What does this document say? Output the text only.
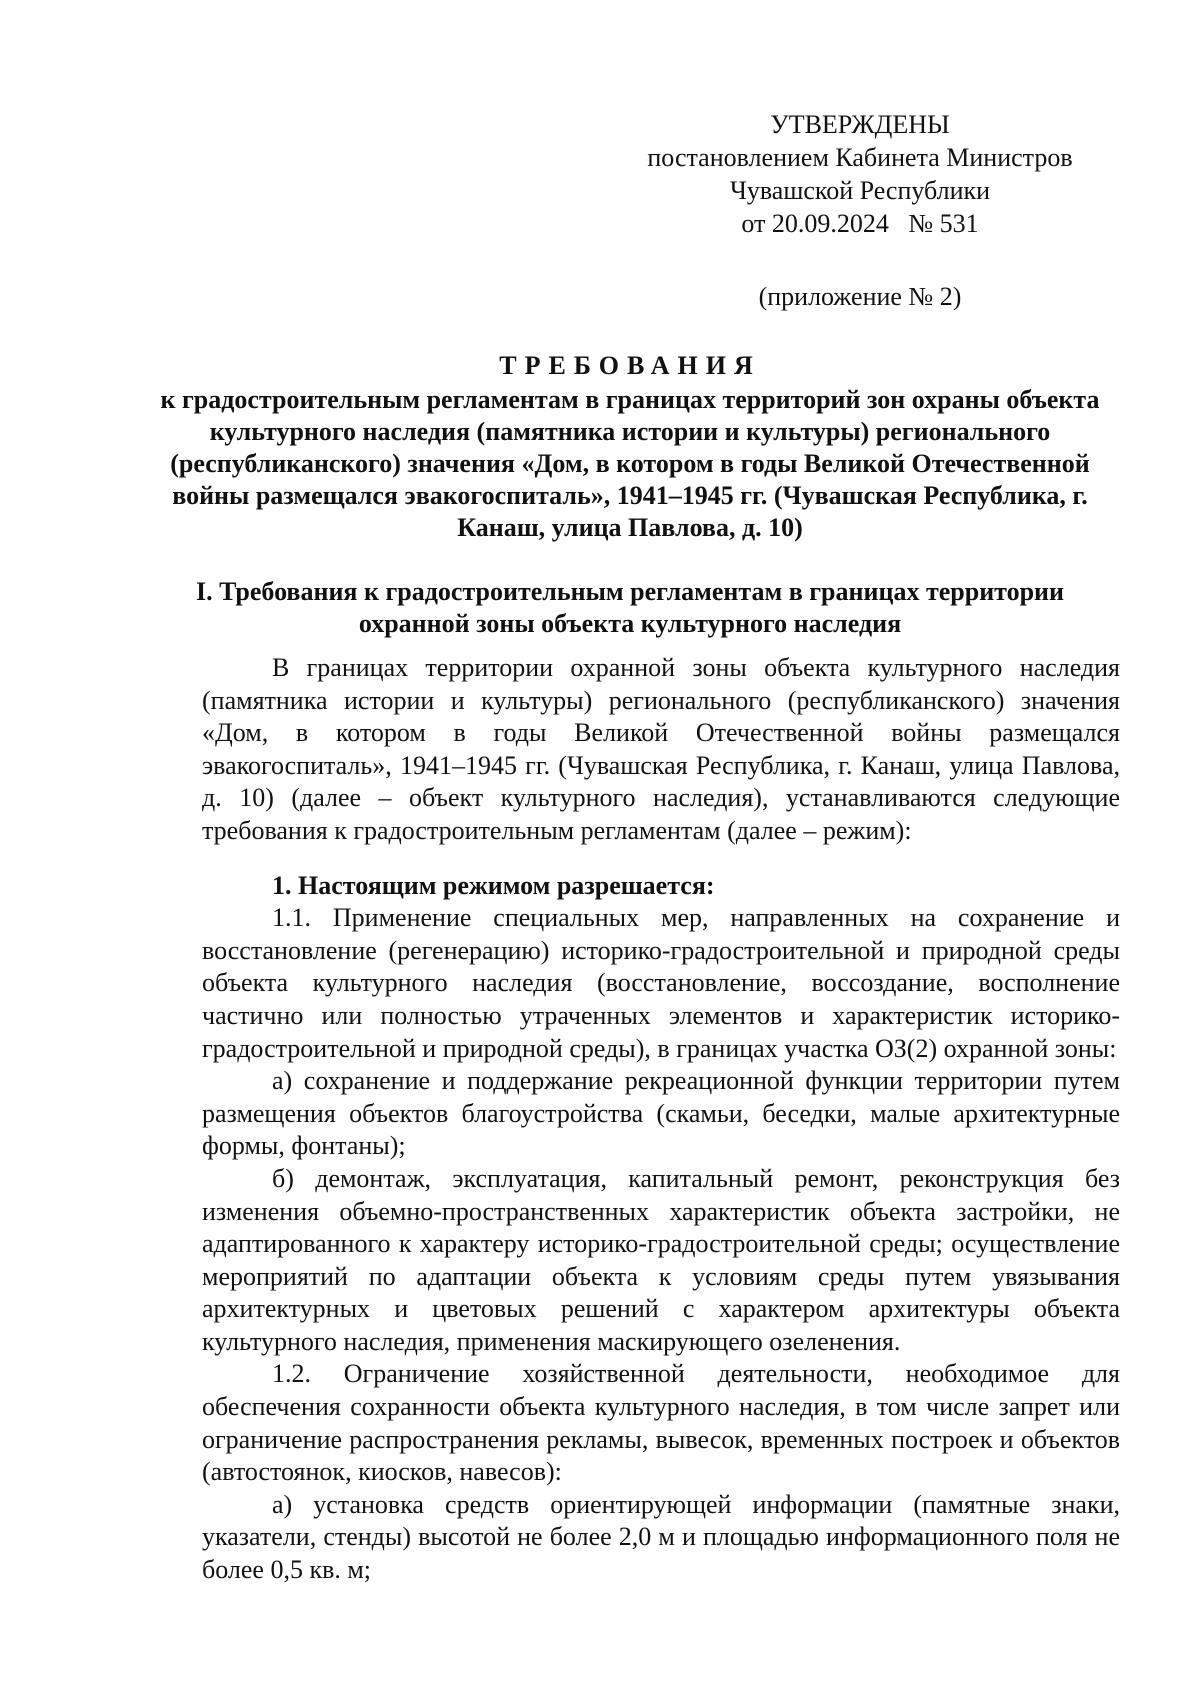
УТВЕРЖДЕНЫ
постановлением Кабинета Министров
Чувашской Республики
от 20.09.2024   № 531
(приложение № 2)
ТРЕБОВАНИЯ
к градостроительным регламентам в границах территорий зон охраны объекта культурного наследия (памятника истории и культуры) регионального (республиканского) значения «Дом, в котором в годы Великой Отечественной войны размещался эвакогоспиталь», 1941–1945 гг. (Чувашская Республика, г. Канаш, улица Павлова, д. 10)
I. Требования к градостроительным регламентам в границах территории охранной зоны объекта культурного наследия

В границах территории охранной зоны объекта культурного наследия (памятника истории и культуры) регионального (республиканского) значения «Дом, в котором в годы Великой Отечественной войны размещался эвакогоспиталь», 1941–1945 гг. (Чувашская Республика, г. Канаш, улица Павлова, д. 10) (далее – объект культурного наследия), устанавливаются следующие требования к градостроительным регламентам (далее – режим):

1. Настоящим режимом разрешается:

1.1. Применение специальных мер, направленных на сохранение и восстановление (регенерацию) историко-градостроительной и природной среды объекта культурного наследия (восстановление, воссоздание, восполнение частично или полностью утраченных элементов и характеристик историко-градостроительной и природной среды), в границах участка ОЗ(2) охранной зоны:

а) сохранение и поддержание рекреационной функции территории путем размещения объектов благоустройства (скамьи, беседки, малые архитектурные формы, фонтаны);

б) демонтаж, эксплуатация, капитальный ремонт, реконструкция без изменения объемно-пространственных характеристик объекта застройки, не адаптированного к характеру историко-градостроительной среды; осуществление мероприятий по адаптации объекта к условиям среды путем увязывания архитектурных и цветовых решений с характером архитектуры объекта культурного наследия, применения маскирующего озеленения.

1.2. Ограничение хозяйственной деятельности, необходимое для обеспечения сохранности объекта культурного наследия, в том числе запрет или ограничение распространения рекламы, вывесок, временных построек и объектов (автостоянок, киосков, навесов):

а) установка средств ориентирующей информации (памятные знаки, указатели, стенды) высотой не более 2,0 м и площадью информационного поля не более 0,5 кв. м;
